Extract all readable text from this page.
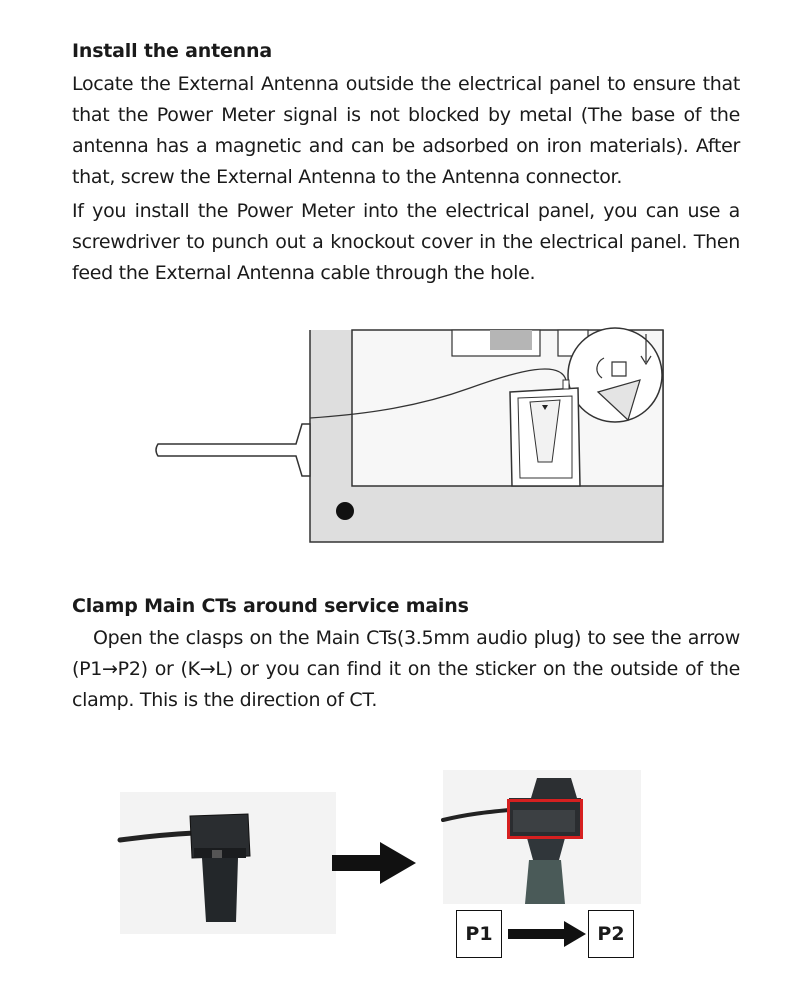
Install the antenna
Locate the External Antenna outside the electrical panel to ensure that that the Power Meter signal is not blocked by metal (The base of the antenna has a magnetic and can be adsorbed on iron materials). After that, screw the External Antenna to the Antenna connector.
If you install the Power Meter into the electrical panel, you can use a screwdriver to punch out a knockout cover in the electrical panel. Then feed the External Antenna cable through the hole.
Clamp Main CTs around service mains
Open the clasps on the Main CTs(3.5mm audio plug) to see the arrow (P1→P2) or (K→L) or you can find it on the sticker on the outside of the clamp. This is the direction of CT.
P1	P2
